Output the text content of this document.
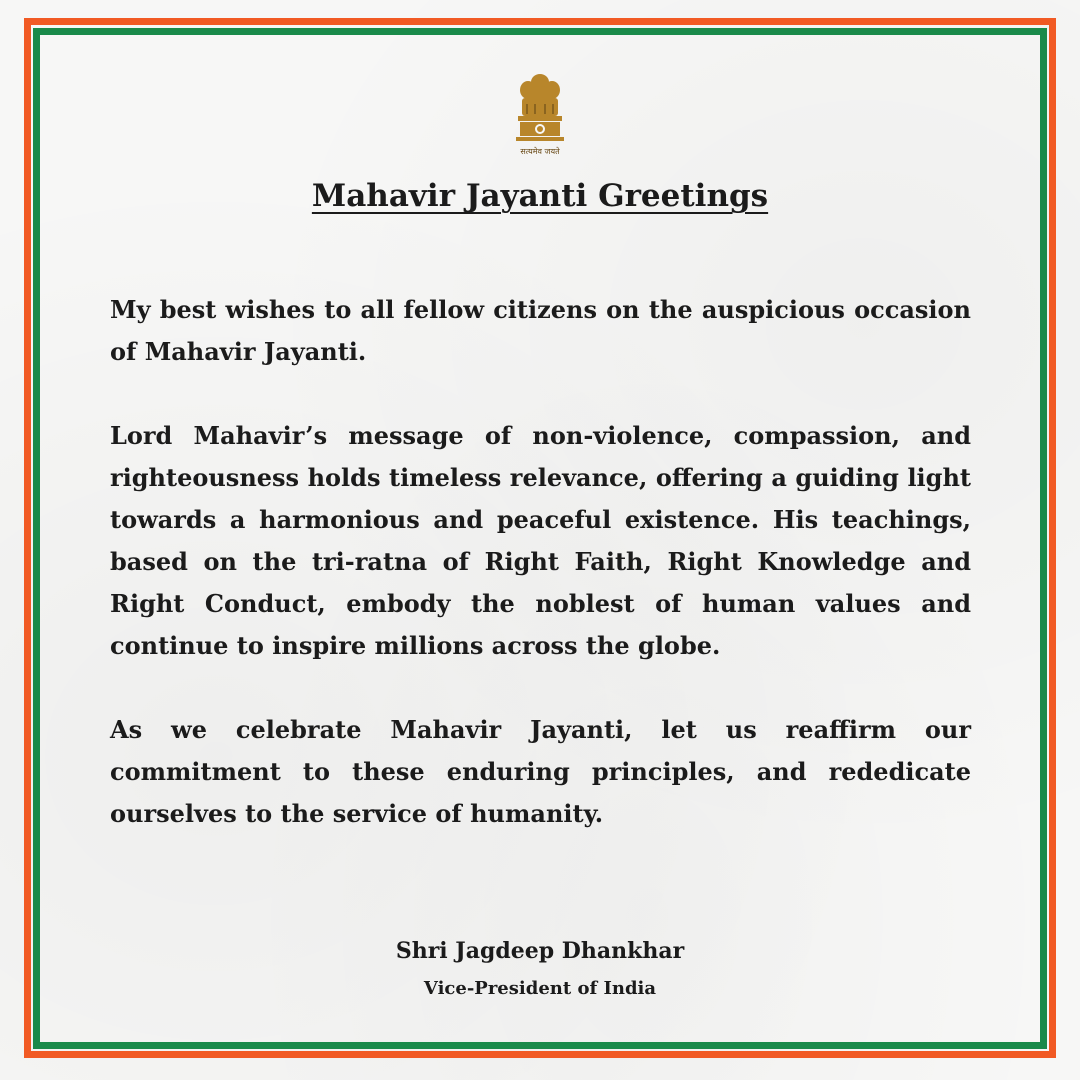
सत्यमेव जयते
Mahavir Jayanti Greetings

My best wishes to all fellow citizens on the auspicious occasion of Mahavir Jayanti.

Lord Mahavir’s message of non-violence, compassion, and righteousness holds timeless relevance, offering a guiding light towards a harmonious and peaceful existence. His teachings, based on the tri-ratna of Right Faith, Right Knowledge and Right Conduct, embody the noblest of human values and continue to inspire millions across the globe.

As we celebrate Mahavir Jayanti, let us reaffirm our commitment to these enduring principles, and rededicate ourselves to the service of humanity.

Shri Jagdeep Dhankhar
Vice-President of India
